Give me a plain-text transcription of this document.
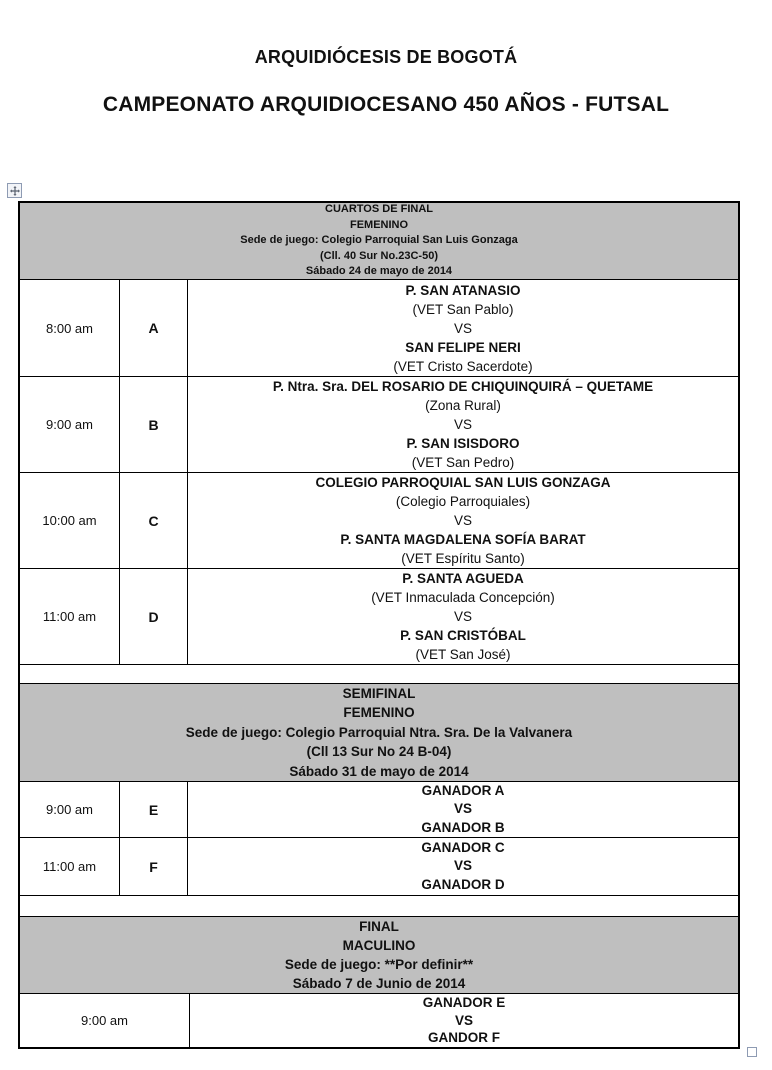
ARQUIDIÓCESIS DE BOGOTÁ
CAMPEONATO ARQUIDIOCESANO 450 AÑOS - FUTSAL
CUARTOS DE FINAL
FEMENINO
Sede de juego: Colegio Parroquial San Luis Gonzaga
(Cll. 40 Sur No.23C-50)
Sábado 24 de mayo de 2014
8:00 am	A
P. SAN ATANASIO
(VET San Pablo)
VS
SAN FELIPE NERI
(VET Cristo Sacerdote)
9:00 am	B
P. Ntra. Sra. DEL ROSARIO DE CHIQUINQUIRÁ – QUETAME
(Zona Rural)
VS
P. SAN ISISDORO
(VET San Pedro)
10:00 am	C
COLEGIO PARROQUIAL SAN LUIS GONZAGA
(Colegio Parroquiales)
VS
P. SANTA MAGDALENA SOFÍA BARAT
(VET Espíritu Santo)
11:00 am	D
P. SANTA AGUEDA
(VET Inmaculada Concepción)
VS
P. SAN CRISTÓBAL
(VET San José)
SEMIFINAL
FEMENINO
Sede de juego: Colegio Parroquial Ntra. Sra. De la Valvanera
(Cll 13 Sur No 24 B-04)
Sábado 31 de mayo de 2014
9:00 am	E
GANADOR A
VS
GANADOR B
11:00 am	F
GANADOR C
VS
GANADOR D
FINAL
MACULINO
Sede de juego: **Por definir**
Sábado 7 de Junio de 2014
9:00 am
GANADOR E
VS
GANDOR F
